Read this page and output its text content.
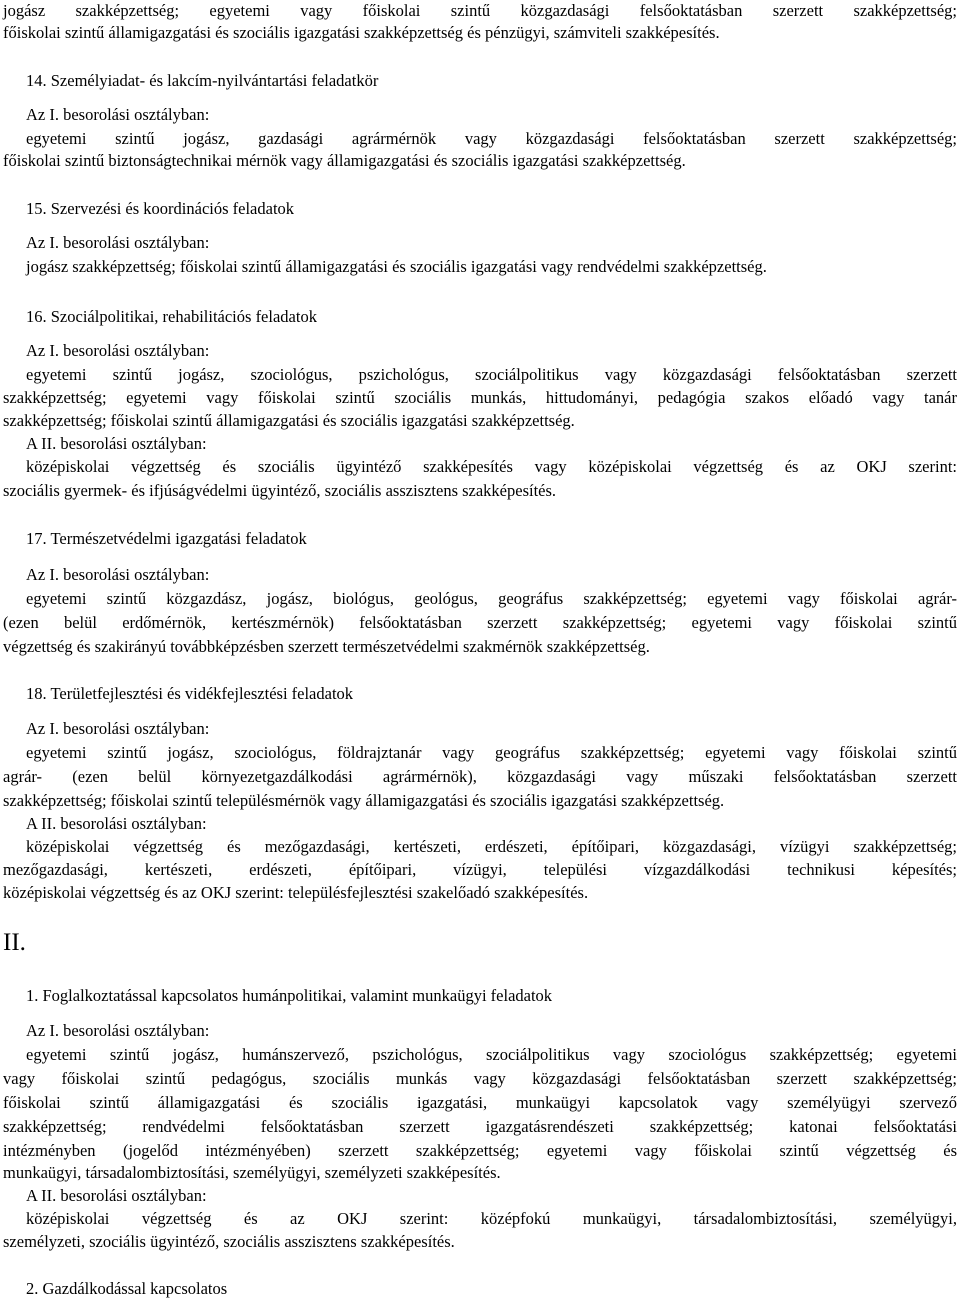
jogász szakképzettség; egyetemi vagy főiskolai szintű közgazdasági felsőoktatásban szerzett szakképzettség;
főiskolai szintű államigazgatási és szociális igazgatási szakképzettség és pénzügyi, számviteli szakképesítés.
14. Személyiadat- és lakcím-nyilvántartási feladatkör
Az I. besorolási osztályban:
egyetemi szintű jogász, gazdasági agrármérnök vagy közgazdasági felsőoktatásban szerzett szakképzettség;
főiskolai szintű biztonságtechnikai mérnök vagy államigazgatási és szociális igazgatási szakképzettség.
15. Szervezési és koordinációs feladatok
Az I. besorolási osztályban:
jogász szakképzettség; főiskolai szintű államigazgatási és szociális igazgatási vagy rendvédelmi szakképzettség.
16. Szociálpolitikai, rehabilitációs feladatok
Az I. besorolási osztályban:
egyetemi szintű jogász, szociológus, pszichológus, szociálpolitikus vagy közgazdasági felsőoktatásban szerzett
szakképzettség; egyetemi vagy főiskolai szintű szociális munkás, hittudományi, pedagógia szakos előadó vagy tanár
szakképzettség; főiskolai szintű államigazgatási és szociális igazgatási szakképzettség.
A II. besorolási osztályban:
középiskolai végzettség és szociális ügyintéző szakképesítés vagy középiskolai végzettség és az OKJ szerint:
szociális gyermek- és ifjúságvédelmi ügyintéző, szociális asszisztens szakképesítés.
17. Természetvédelmi igazgatási feladatok
Az I. besorolási osztályban:
egyetemi szintű közgazdász, jogász, biológus, geológus, geográfus szakképzettség; egyetemi vagy főiskolai agrár-
(ezen belül erdőmérnök, kertészmérnök) felsőoktatásban szerzett szakképzettség; egyetemi vagy főiskolai szintű
végzettség és szakirányú továbbképzésben szerzett természetvédelmi szakmérnök szakképzettség.
18. Területfejlesztési és vidékfejlesztési feladatok
Az I. besorolási osztályban:
egyetemi szintű jogász, szociológus, földrajztanár vagy geográfus szakképzettség; egyetemi vagy főiskolai szintű
agrár- (ezen belül környezetgazdálkodási agrármérnök), közgazdasági vagy műszaki felsőoktatásban szerzett
szakképzettség; főiskolai szintű településmérnök vagy államigazgatási és szociális igazgatási szakképzettség.
A II. besorolási osztályban:
középiskolai végzettség és mezőgazdasági, kertészeti, erdészeti, építőipari, közgazdasági, vízügyi szakképzettség;
mezőgazdasági, kertészeti, erdészeti, építőipari, vízügyi, települési vízgazdálkodási technikusi képesítés;
középiskolai végzettség és az OKJ szerint: településfejlesztési szakelőadó szakképesítés.
II.
1. Foglalkoztatással kapcsolatos humánpolitikai, valamint munkaügyi feladatok
Az I. besorolási osztályban:
egyetemi szintű jogász, humánszervező, pszichológus, szociálpolitikus vagy szociológus szakképzettség; egyetemi
vagy főiskolai szintű pedagógus, szociális munkás vagy közgazdasági felsőoktatásban szerzett szakképzettség;
főiskolai szintű államigazgatási és szociális igazgatási, munkaügyi kapcsolatok vagy személyügyi szervező
szakképzettség; rendvédelmi felsőoktatásban szerzett igazgatásrendészeti szakképzettség; katonai felsőoktatási
intézményben (jogelőd intézményében) szerzett szakképzettség; egyetemi vagy főiskolai szintű végzettség és
munkaügyi, társadalombiztosítási, személyügyi, személyzeti szakképesítés.
A II. besorolási osztályban:
középiskolai végzettség és az OKJ szerint: középfokú munkaügyi, társadalombiztosítási, személyügyi,
személyzeti, szociális ügyintéző, szociális asszisztens szakképesítés.
2. Gazdálkodással kapcsolatos
